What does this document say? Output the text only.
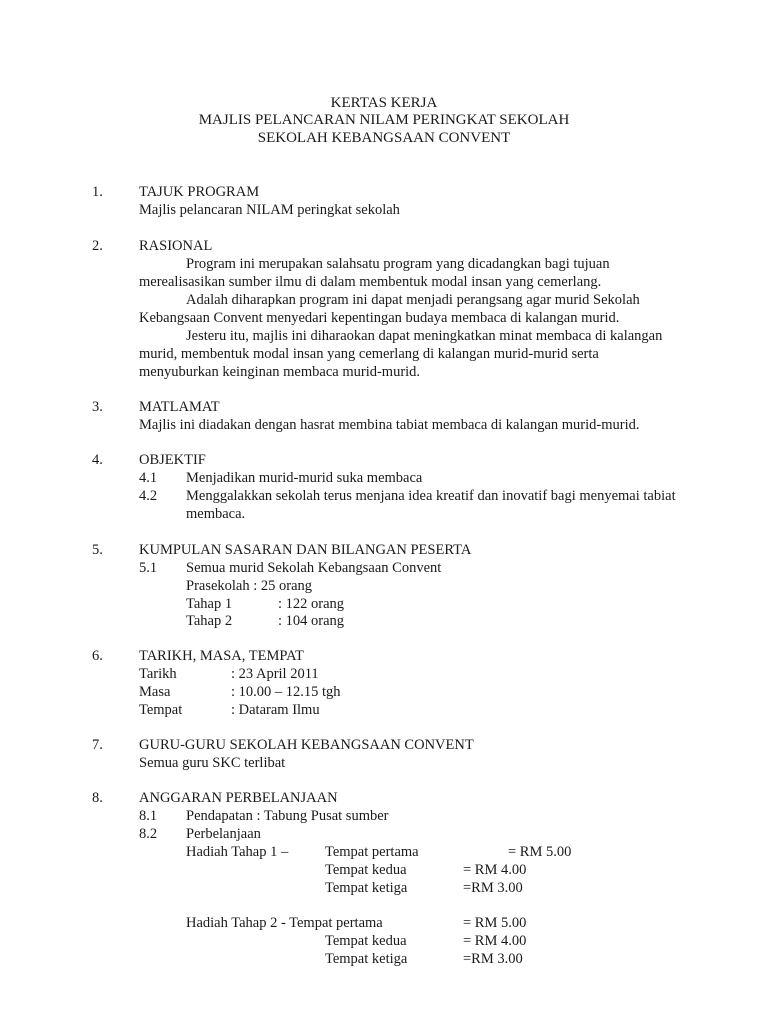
KERTAS KERJA
MAJLIS PELANCARAN NILAM PERINGKAT SEKOLAH
SEKOLAH KEBANGSAAN CONVENT
1. TAJUK PROGRAM
Majlis pelancaran NILAM peringkat sekolah
2. RASIONAL
Program ini merupakan salahsatu program yang dicadangkan bagi tujuan merealisasikan sumber ilmu di dalam membentuk modal insan yang cemerlang.
Adalah diharapkan program ini dapat menjadi perangsang agar murid Sekolah Kebangsaan Convent menyedari kepentingan budaya membaca di kalangan murid.
Jesteru itu, majlis ini diharaokan dapat meningkatkan minat membaca di kalangan murid, membentuk modal insan yang cemerlang di kalangan murid-murid serta menyuburkan keinginan membaca murid-murid.
3. MATLAMAT
Majlis ini diadakan dengan hasrat membina tabiat membaca di kalangan murid-murid.
4. OBJEKTIF
4.1 Menjadikan murid-murid suka membaca
4.2 Menggalakkan sekolah terus menjana idea kreatif dan inovatif bagi menyemai tabiat membaca.
5. KUMPULAN SASARAN DAN BILANGAN PESERTA
5.1 Semua murid Sekolah Kebangsaan Convent
Prasekolah : 25 orang
Tahap 1	: 122 orang
Tahap 2	: 104 orang
6. TARIKH, MASA, TEMPAT
Tarikh	: 23 April 2011
Masa	: 10.00 – 12.15 tgh
Tempat	: Dataram Ilmu
7. GURU-GURU SEKOLAH KEBANGSAAN CONVENT
Semua guru SKC terlibat
8. ANGGARAN PERBELANJAAN
8.1 Pendapatan : Tabung Pusat sumber
8.2 Perbelanjaan
Hadiah Tahap 1 –	Tempat pertama	= RM 5.00
Tempat kedua	= RM 4.00
Tempat ketiga	=RM 3.00
Hadiah Tahap 2 - Tempat pertama	= RM 5.00
Tempat kedua	= RM 4.00
Tempat ketiga	=RM 3.00
